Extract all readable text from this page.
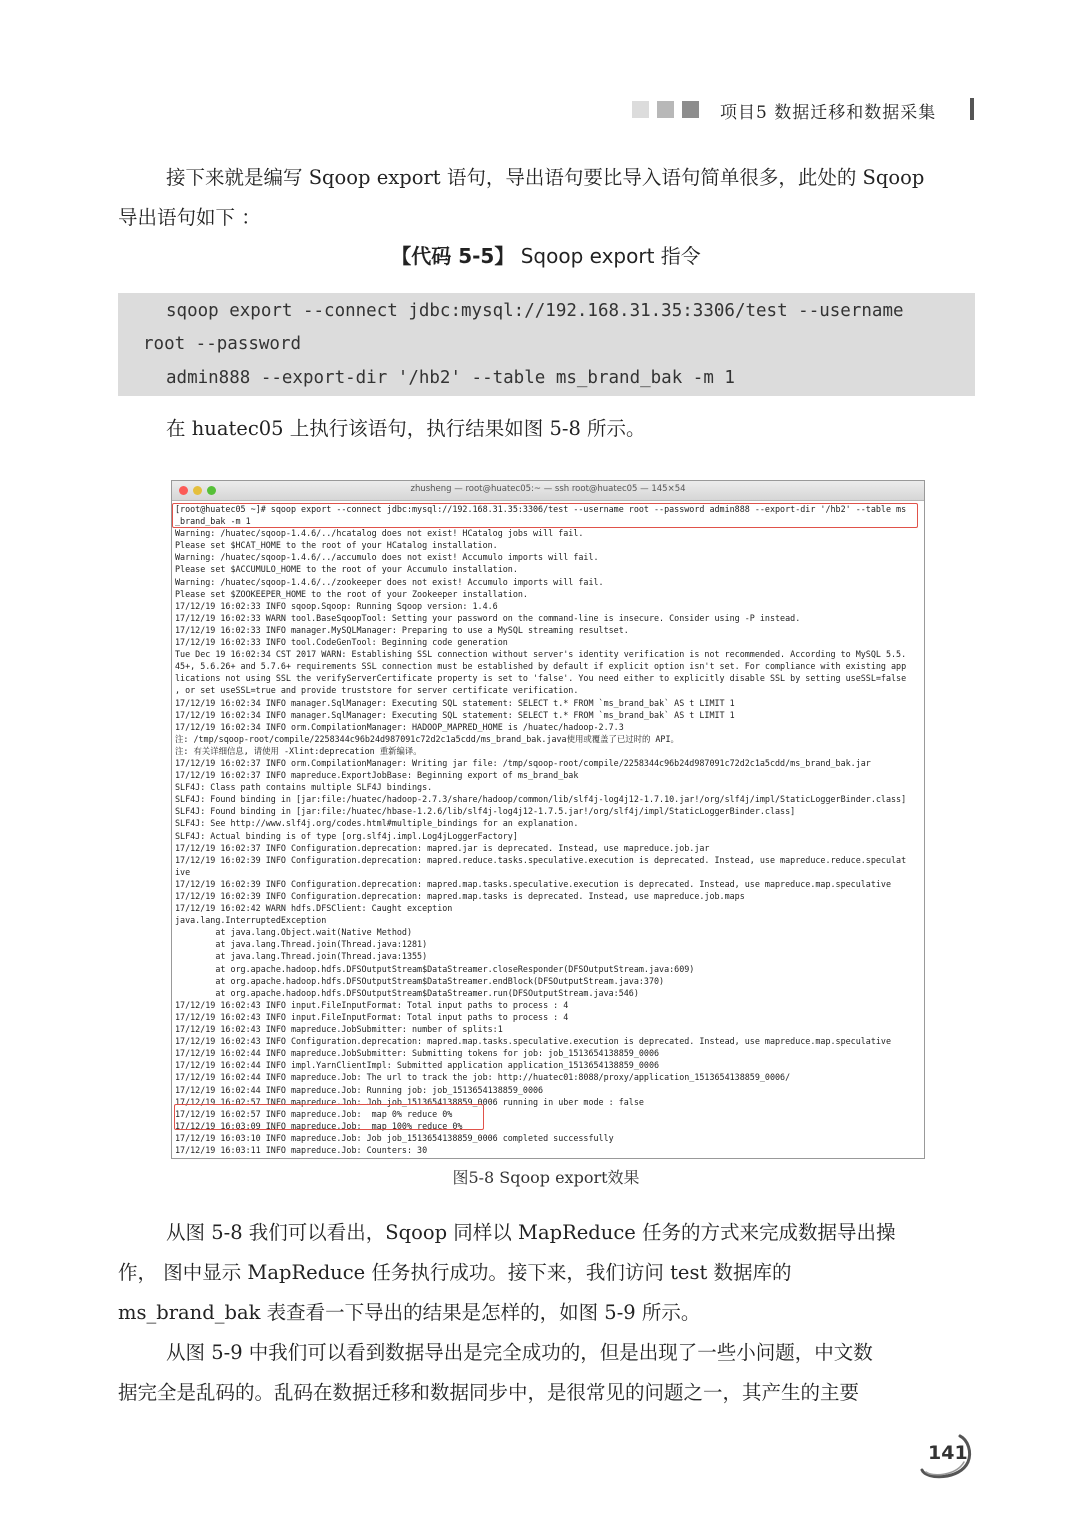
项目5 数据迁移和数据采集
接下来就是编写 Sqoop export 语句，导出语句要比导入语句简单很多，此处的 Sqoop
导出语句如下 ：
【代码 5-5】 Sqoop export 指令
sqoop export --connect jdbc:mysql://192.168.31.35:3306/test --username
root --password
admin888 --export-dir '/hb2' --table ms_brand_bak -m 1
在 huatec05 上执行该语句，执行结果如图 5-8 所示。
zhusheng — root@huatec05:~ — ssh root@huatec05 — 145×54
[root@huatec05 ~]# sqoop export --connect jdbc:mysql://192.168.31.35:3306/test --username root --password admin888 --export-dir '/hb2' --table ms
_brand_bak -m 1
Warning: /huatec/sqoop-1.4.6/../hcatalog does not exist! HCatalog jobs will fail.
Please set $HCAT_HOME to the root of your HCatalog installation.
Warning: /huatec/sqoop-1.4.6/../accumulo does not exist! Accumulo imports will fail.
Please set $ACCUMULO_HOME to the root of your Accumulo installation.
Warning: /huatec/sqoop-1.4.6/../zookeeper does not exist! Accumulo imports will fail.
Please set $ZOOKEEPER_HOME to the root of your Zookeeper installation.
17/12/19 16:02:33 INFO sqoop.Sqoop: Running Sqoop version: 1.4.6
17/12/19 16:02:33 WARN tool.BaseSqoopTool: Setting your password on the command-line is insecure. Consider using -P instead.
17/12/19 16:02:33 INFO manager.MySQLManager: Preparing to use a MySQL streaming resultset.
17/12/19 16:02:33 INFO tool.CodeGenTool: Beginning code generation
Tue Dec 19 16:02:34 CST 2017 WARN: Establishing SSL connection without server's identity verification is not recommended. According to MySQL 5.5.
45+, 5.6.26+ and 5.7.6+ requirements SSL connection must be established by default if explicit option isn't set. For compliance with existing app
lications not using SSL the verifyServerCertificate property is set to 'false'. You need either to explicitly disable SSL by setting useSSL=false
, or set useSSL=true and provide truststore for server certificate verification.
17/12/19 16:02:34 INFO manager.SqlManager: Executing SQL statement: SELECT t.* FROM `ms_brand_bak` AS t LIMIT 1
17/12/19 16:02:34 INFO manager.SqlManager: Executing SQL statement: SELECT t.* FROM `ms_brand_bak` AS t LIMIT 1
17/12/19 16:02:34 INFO orm.CompilationManager: HADOOP_MAPRED_HOME is /huatec/hadoop-2.7.3
注: /tmp/sqoop-root/compile/2258344c96b24d987091c72d2c1a5cdd/ms_brand_bak.java使用或覆盖了已过时的 API。
注: 有关详细信息, 请使用 -Xlint:deprecation 重新编译。
17/12/19 16:02:37 INFO orm.CompilationManager: Writing jar file: /tmp/sqoop-root/compile/2258344c96b24d987091c72d2c1a5cdd/ms_brand_bak.jar
17/12/19 16:02:37 INFO mapreduce.ExportJobBase: Beginning export of ms_brand_bak
SLF4J: Class path contains multiple SLF4J bindings.
SLF4J: Found binding in [jar:file:/huatec/hadoop-2.7.3/share/hadoop/common/lib/slf4j-log4j12-1.7.10.jar!/org/slf4j/impl/StaticLoggerBinder.class]
SLF4J: Found binding in [jar:file:/huatec/hbase-1.2.6/lib/slf4j-log4j12-1.7.5.jar!/org/slf4j/impl/StaticLoggerBinder.class]
SLF4J: See http://www.slf4j.org/codes.html#multiple_bindings for an explanation.
SLF4J: Actual binding is of type [org.slf4j.impl.Log4jLoggerFactory]
17/12/19 16:02:37 INFO Configuration.deprecation: mapred.jar is deprecated. Instead, use mapreduce.job.jar
17/12/19 16:02:39 INFO Configuration.deprecation: mapred.reduce.tasks.speculative.execution is deprecated. Instead, use mapreduce.reduce.speculat
ive
17/12/19 16:02:39 INFO Configuration.deprecation: mapred.map.tasks.speculative.execution is deprecated. Instead, use mapreduce.map.speculative
17/12/19 16:02:39 INFO Configuration.deprecation: mapred.map.tasks is deprecated. Instead, use mapreduce.job.maps
17/12/19 16:02:42 WARN hdfs.DFSClient: Caught exception
java.lang.InterruptedException
at java.lang.Object.wait(Native Method)
at java.lang.Thread.join(Thread.java:1281)
at java.lang.Thread.join(Thread.java:1355)
at org.apache.hadoop.hdfs.DFSOutputStream$DataStreamer.closeResponder(DFSOutputStream.java:609)
at org.apache.hadoop.hdfs.DFSOutputStream$DataStreamer.endBlock(DFSOutputStream.java:370)
at org.apache.hadoop.hdfs.DFSOutputStream$DataStreamer.run(DFSOutputStream.java:546)
17/12/19 16:02:43 INFO input.FileInputFormat: Total input paths to process : 4
17/12/19 16:02:43 INFO input.FileInputFormat: Total input paths to process : 4
17/12/19 16:02:43 INFO mapreduce.JobSubmitter: number of splits:1
17/12/19 16:02:43 INFO Configuration.deprecation: mapred.map.tasks.speculative.execution is deprecated. Instead, use mapreduce.map.speculative
17/12/19 16:02:44 INFO mapreduce.JobSubmitter: Submitting tokens for job: job_1513654138859_0006
17/12/19 16:02:44 INFO impl.YarnClientImpl: Submitted application application_1513654138859_0006
17/12/19 16:02:44 INFO mapreduce.Job: The url to track the job: http://huatec01:8088/proxy/application_1513654138859_0006/
17/12/19 16:02:44 INFO mapreduce.Job: Running job: job_1513654138859_0006
17/12/19 16:02:57 INFO mapreduce.Job: Job job_1513654138859_0006 running in uber mode : false
17/12/19 16:02:57 INFO mapreduce.Job:  map 0% reduce 0%
17/12/19 16:03:09 INFO mapreduce.Job:  map 100% reduce 0%
17/12/19 16:03:10 INFO mapreduce.Job: Job job_1513654138859_0006 completed successfully
17/12/19 16:03:11 INFO mapreduce.Job: Counters: 30
图5-8 Sqoop export效果
从图 5-8 我们可以看出，Sqoop 同样以 MapReduce 任务的方式来完成数据导出操
作， 图中显示 MapReduce 任务执行成功。接下来，我们访问 test 数据库的
ms_brand_bak 表查看一下导出的结果是怎样的，如图 5-9 所示。
从图 5-9 中我们可以看到数据导出是完全成功的，但是出现了一些小问题，中文数
据完全是乱码的。乱码在数据迁移和数据同步中，是很常见的问题之一，其产生的主要
141
